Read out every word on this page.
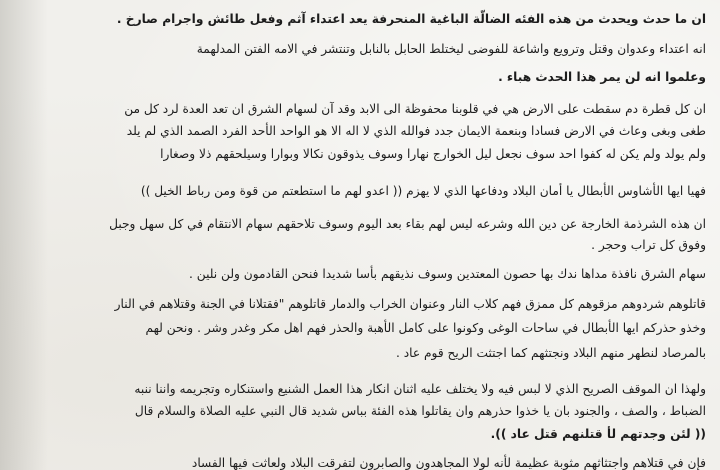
ان ما حدث ويحدث من هذه الفئه الضالّة الباغية المنحرفة يعد اعتداء آثم وفعل طائش واجرام صارخ .
انه اعتداء وعدوان وقتل وترويع واشاعة للفوضى ليختلط الحابل بالنابل وتنتشر في الامه الفتن المدلهمة
وعلموا انه لن يمر هذا الحدث هباء .
ان كل قطرة دم سقطت على الارض هي في قلوبنا محفوظة الى الابد وقد آن لسهام الشرق ان تعد العدة لرد كل من
طغى وبغى وعاث في الارض فسادا وبنعمة الايمان جدد فوالله الذي لا اله الا هو الواحد الأحد الفرد الصمد الذي لم يلد
ولم يولد ولم يكن له كفوا احد سوف نجعل ليل الخوارج نهارا وسوف يذوقون نكالا وبوارا وسيلحقهم ذلا وصغارا
فهيا ايها الأشاوس الأبطال يا أمان البلاد ودفاعها الذي لا يهزم (( اعدو لهم ما استطعتم من قوة ومن رباط الخيل ))
ان هذه الشرذمة الخارجة عن دين الله وشرعه ليس لهم بقاء بعد اليوم وسوف تلاحقهم سهام الانتقام في كل سهل وجبل
وفوق كل تراب وحجر .
سهام الشرق نافذة مداها ندك بها حصون المعتدين وسوف نذيقهم بأسا شديدا فنحن القادمون ولن نلين .
قاتلوهم شردوهم مزقوهم كل ممزق فهم كلاب النار وعنوان الخراب والدمار قاتلوهم "فقتلانا في الجنة وقتلاهم في النار
وخذو حذركم ايها الأبطال في ساحات الوغى وكونوا على كامل الأهبة والحذر فهم اهل مكر وغدر وشر . ونحن لهم
بالمرصاد لنطهر منهم البلاد ونجتثهم كما اجتثت الريح قوم عاد .
ولهذا ان الموقف الصريح الذي لا لبس فيه ولا يختلف عليه اثنان انكار هذا العمل الشنيع واستنكاره وتجريمه واننا ننبه
الضباط ، والصف ، والجنود بان يا خذوا حذرهم وان يقاتلوا هذه الفئة بباس شديد قال النبي عليه الصلاة والسلام قال
(( لئن وجدتهم لأ قتلنهم قتل عاد )).
فإن في قتلاهم واجتثاثهم مثوبة عظيمة لأنه لولا المجاهدون والصابرون لتفرقت البلاد ولعاثت فيها الفساد
